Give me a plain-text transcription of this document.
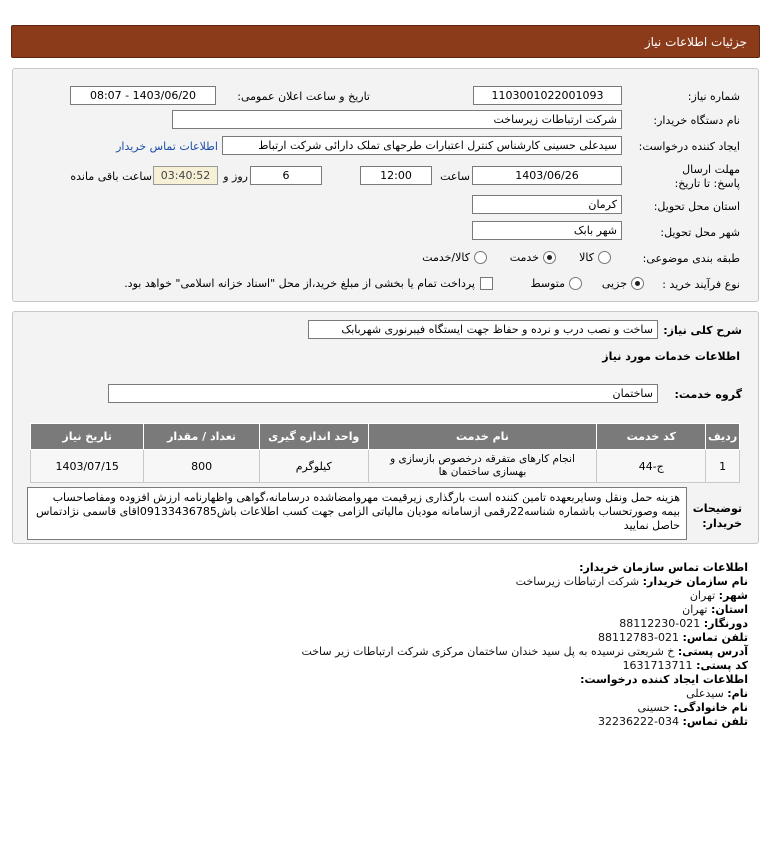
جزئیات اطلاعات نیاز
شماره نیاز:
1103001022001093
تاریخ و ساعت اعلان عمومی:
1403/06/20 - 08:07
نام دستگاه خریدار:
شرکت ارتباطات زیرساخت
ایجاد کننده درخواست:
سیدعلی حسینی کارشناس کنترل اعتبارات طرحهای تملک دارائی شرکت ارتباط
اطلاعات تماس خریدار
مهلت ارسال پاسخ: تا تاریخ:
1403/06/26
ساعت
12:00
6
روز و
03:40:52
ساعت باقی مانده
استان محل تحویل:
کرمان
شهر محل تحویل:
شهر بابک
طبقه بندی موضوعی:
کالا
خدمت
کالا/خدمت
نوع فرآیند خرید :
جزیی
متوسط
پرداخت تمام یا بخشی از مبلغ خرید،از محل "اسناد خزانه اسلامی" خواهد بود.
شرح کلی نیاز:
ساخت و نصب درب و نرده و حفاظ جهت ایستگاه فیبرنوری شهربابک
اطلاعات خدمات مورد نیاز
گروه خدمت:
ساختمان
ردیف	کد خدمت	نام خدمت	واحد اندازه گیری	تعداد / مقدار	تاریخ نیاز
1	ج-44	انجام کارهای متفرقه درخصوص بازسازی و بهسازی ساختمان ها	کیلوگرم	800	1403/07/15
توضیحات خریدار:
هزینه حمل ونقل وسایربعهده تامین کننده است بارگذاری زیرقیمت مهروامضاشده درسامانه،گواهی واظهارنامه ارزش افزوده ومفاصاحساب بیمه وصورتحساب باشماره شناسه22رقمی ازسامانه مودیان مالیاتی الزامی جهت کسب اطلاعات باش09133436785اقای قاسمی نژادتماس حاصل نمایید
اطلاعات تماس سازمان خریدار:
نام سازمان خریدار: شرکت ارتباطات زیرساخت
شهر: تهران
استان: تهران
دورنگار: 021-88112230
تلفن تماس: 021-88112783
آدرس پستی: خ شریعتی نرسیده به پل سید خندان ساختمان مرکزی شرکت ارتباطات زیر ساخت
کد پستی: 1631713711
اطلاعات ایجاد کننده درخواست:
نام: سیدعلی
نام خانوادگی: حسینی
تلفن تماس: 034-32236222
